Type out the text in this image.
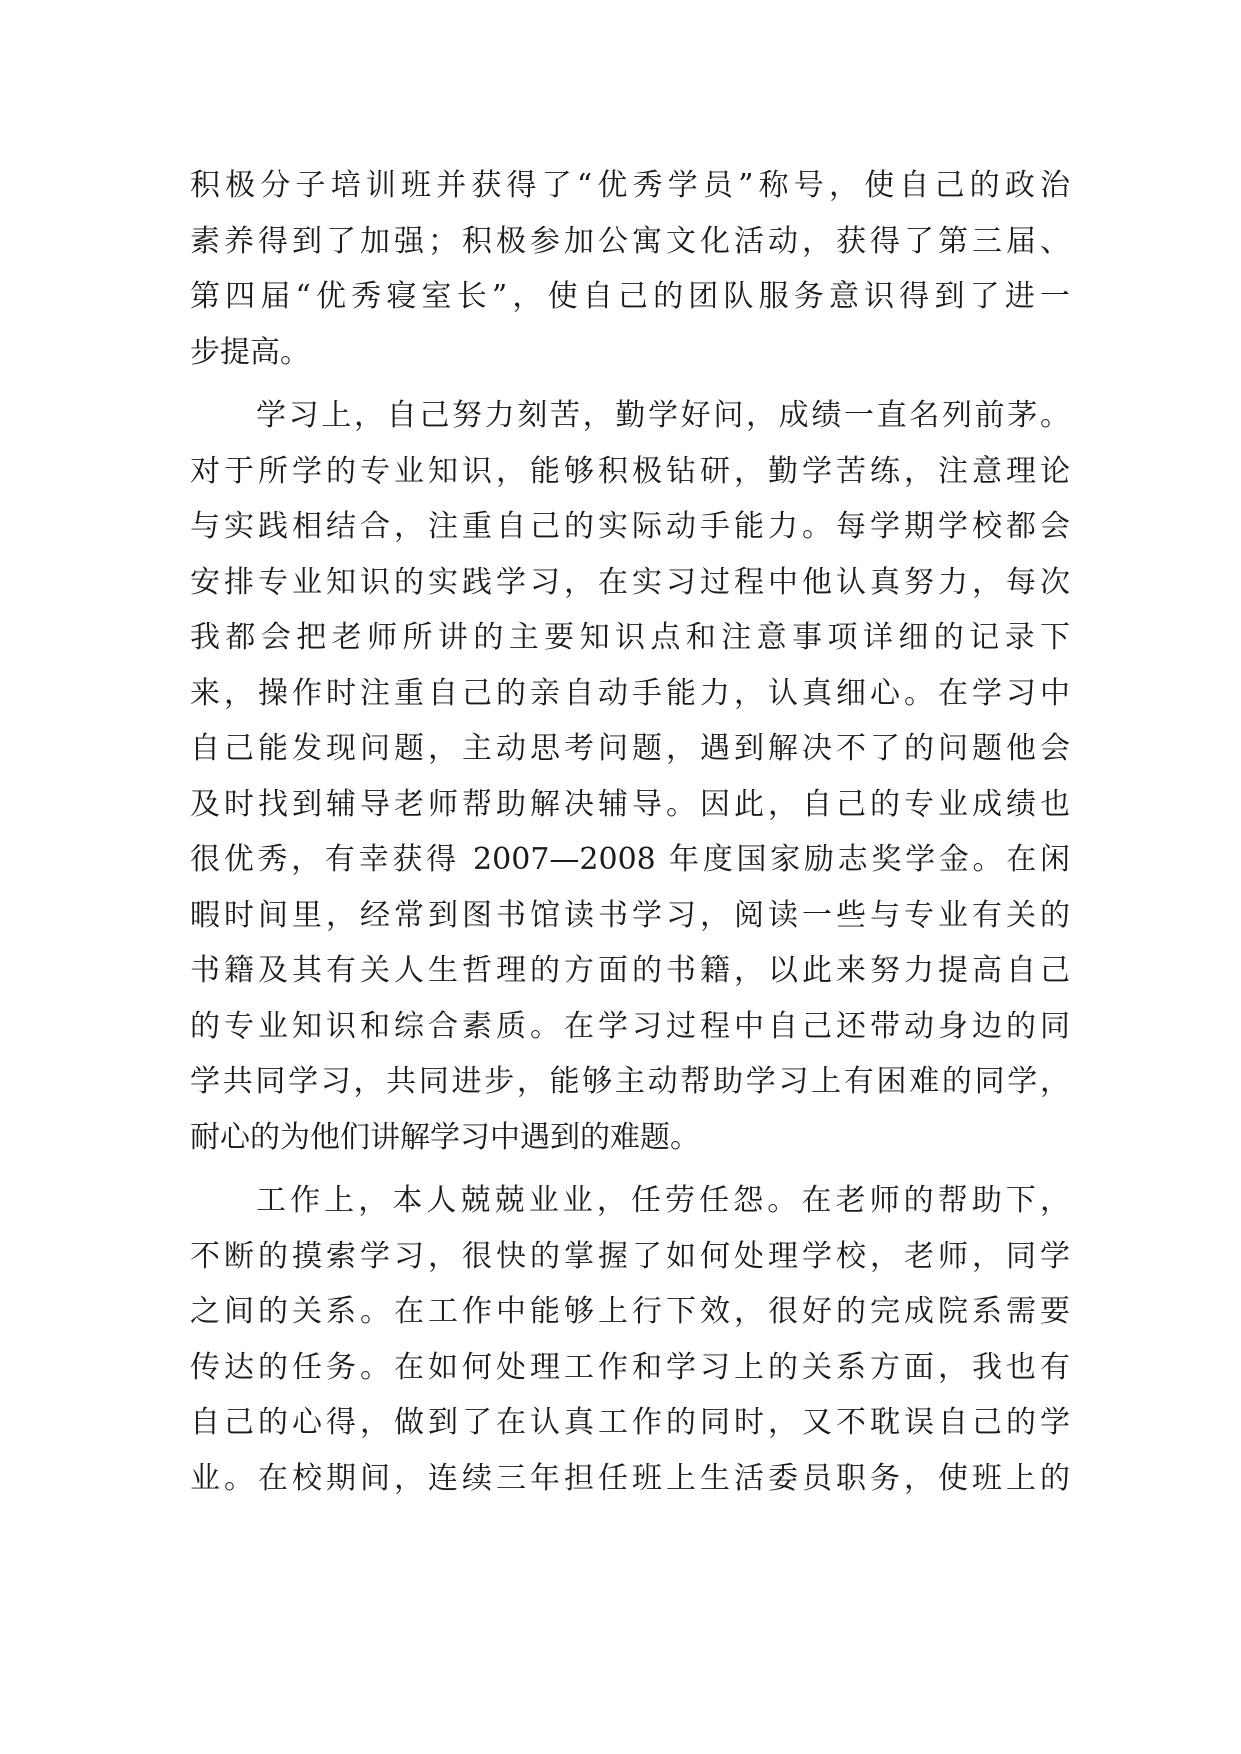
积极分子培训班并获得了“优秀学员”称号，使自己的政治
素养得到了加强；积极参加公寓文化活动，获得了第三届、
第四届“优秀寝室长”，使自己的团队服务意识得到了进一
步提高。
学习上，自己努力刻苦，勤学好问，成绩一直名列前茅。
对于所学的专业知识，能够积极钻研，勤学苦练，注意理论
与实践相结合，注重自己的实际动手能力。每学期学校都会
安排专业知识的实践学习，在实习过程中他认真努力，每次
我都会把老师所讲的主要知识点和注意事项详细的记录下
来，操作时注重自己的亲自动手能力，认真细心。在学习中
自己能发现问题，主动思考问题，遇到解决不了的问题他会
及时找到辅导老师帮助解决辅导。因此，自己的专业成绩也
很优秀，有幸获得 2007—2008 年度国家励志奖学金。在闲
暇时间里，经常到图书馆读书学习，阅读一些与专业有关的
书籍及其有关人生哲理的方面的书籍，以此来努力提高自己
的专业知识和综合素质。在学习过程中自己还带动身边的同
学共同学习，共同进步，能够主动帮助学习上有困难的同学，
耐心的为他们讲解学习中遇到的难题。
工作上，本人兢兢业业，任劳任怨。在老师的帮助下，
不断的摸索学习，很快的掌握了如何处理学校，老师，同学
之间的关系。在工作中能够上行下效，很好的完成院系需要
传达的任务。在如何处理工作和学习上的关系方面，我也有
自己的心得，做到了在认真工作的同时，又不耽误自己的学
业。在校期间，连续三年担任班上生活委员职务，使班上的
